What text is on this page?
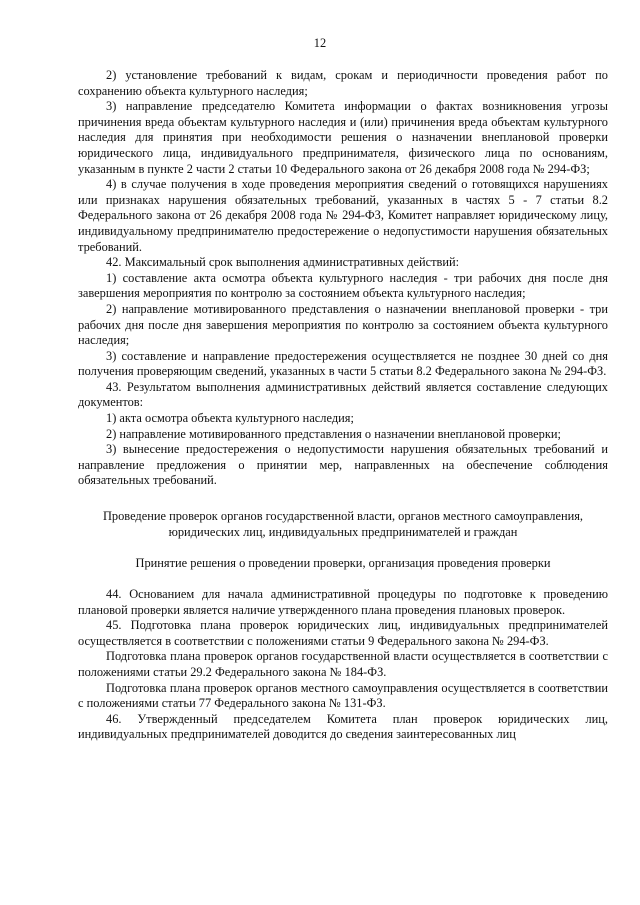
12

2) установление требований к видам, срокам и периодичности проведения работ по сохранению объекта культурного наследия;

3) направление председателю Комитета информации о фактах возникновения угрозы причинения вреда объектам культурного наследия и (или) причинения вреда объектам культурного наследия для принятия при необходимости решения о назначении внеплановой проверки юридического лица, индивидуального предпринимателя, физического лица по основаниям, указанным в пункте 2 части 2 статьи 10 Федерального закона от 26 декабря 2008 года № 294-ФЗ;

4) в случае получения в ходе проведения мероприятия сведений о готовящихся нарушениях или признаках нарушения обязательных требований, указанных в частях 5 - 7 статьи 8.2 Федерального закона от 26 декабря 2008 года № 294-ФЗ, Комитет направляет юридическому лицу, индивидуальному предпринимателю предостережение о недопустимости нарушения обязательных требований.

42. Максимальный срок выполнения административных действий:

1) составление акта осмотра объекта культурного наследия - три рабочих дня после дня завершения мероприятия по контролю за состоянием объекта культурного наследия;

2) направление мотивированного представления о назначении внеплановой проверки - три рабочих дня после дня завершения мероприятия по контролю за состоянием объекта культурного наследия;

3) составление и направление предостережения осуществляется не позднее 30 дней со дня получения проверяющим сведений, указанных в части 5 статьи 8.2 Федерального закона № 294-ФЗ.

43. Результатом выполнения административных действий является составление следующих документов:

1) акта осмотра объекта культурного наследия;

2) направление мотивированного представления о назначении внеплановой проверки;

3) вынесение предостережения о недопустимости нарушения обязательных требований и направление предложения о принятии мер, направленных на обеспечение соблюдения обязательных требований.

Проведение проверок органов государственной власти, органов местного самоуправления, юридических лиц, индивидуальных предпринимателей и граждан

Принятие решения о проведении проверки, организация проведения проверки

44. Основанием для начала административной процедуры по подготовке к проведению плановой проверки является наличие утвержденного плана проведения плановых проверок.

45. Подготовка плана проверок юридических лиц, индивидуальных предпринимателей осуществляется в соответствии с положениями статьи 9 Федерального закона № 294-ФЗ.

Подготовка плана проверок органов государственной власти осуществляется в соответствии с положениями статьи 29.2 Федерального закона № 184-ФЗ.

Подготовка плана проверок органов местного самоуправления осуществляется в соответствии с положениями статьи 77 Федерального закона № 131-ФЗ.

46. Утвержденный председателем Комитета план проверок юридических лиц, индивидуальных предпринимателей доводится до сведения заинтересованных лиц
